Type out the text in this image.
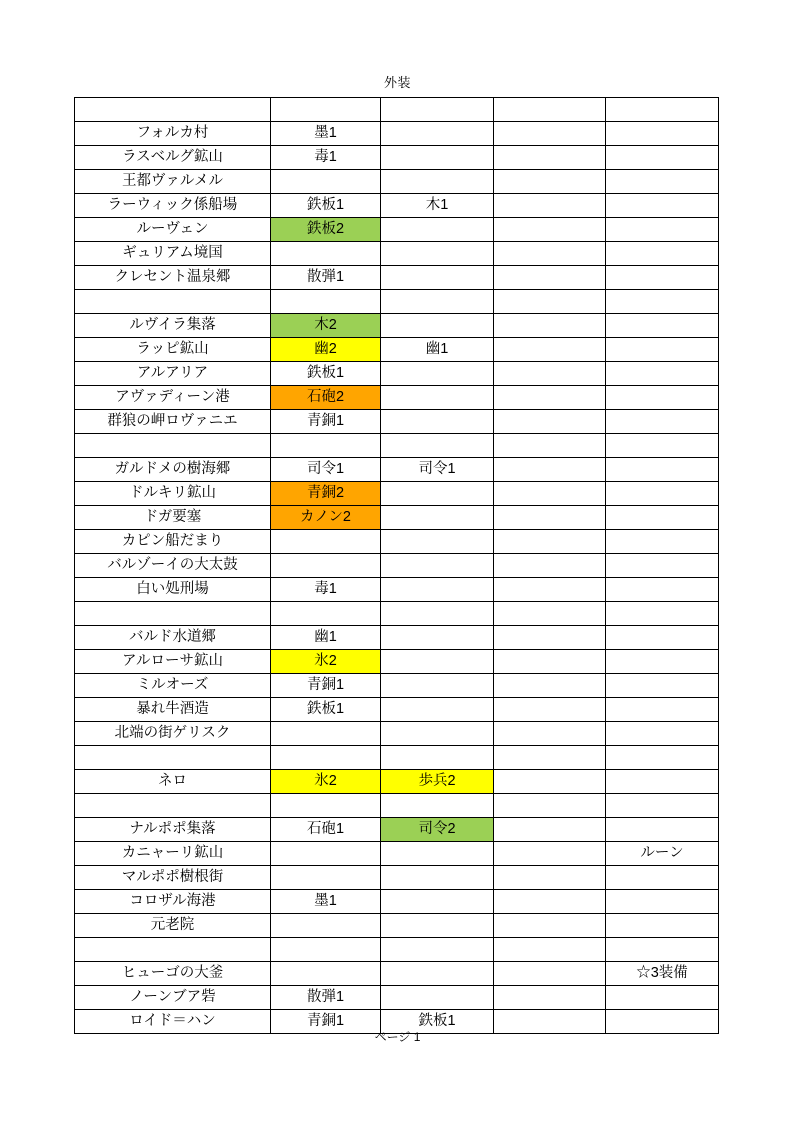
外装

フォルカ村	墨1			
ラスベルグ鉱山	毒1			
王都ヴァルメル				
ラーウィック係船場	鉄板1	木1		
ルーヴェン	鉄板2			
ギュリアム境国				
クレセント温泉郷	散弾1			

ルヴイラ集落	木2			
ラッピ鉱山	幽2	幽1		
アルアリア	鉄板1			
アヴァディーン港	石砲2			
群狼の岬ロヴァニエ	青銅1			

ガルドメの樹海郷	司令1	司令1		
ドルキリ鉱山	青銅2			
ドガ要塞	カノン2			
カピン船だまり				
バルゾーイの大太鼓				
白い処刑場	毒1			

バルド水道郷	幽1			
アルローサ鉱山	氷2			
ミルオーズ	青銅1			
暴れ牛酒造	鉄板1			
北端の街ゲリスク				

ネロ	氷2	歩兵2		

ナルポポ集落	石砲1	司令2		
カニャーリ鉱山				ルーン
マルポポ樹根街				
コロザル海港	墨1			
元老院				

ヒューゴの大釜				☆3装備
ノーンブア砦	散弾1			
ロイド＝ハン	青銅1	鉄板1		
ページ 1
